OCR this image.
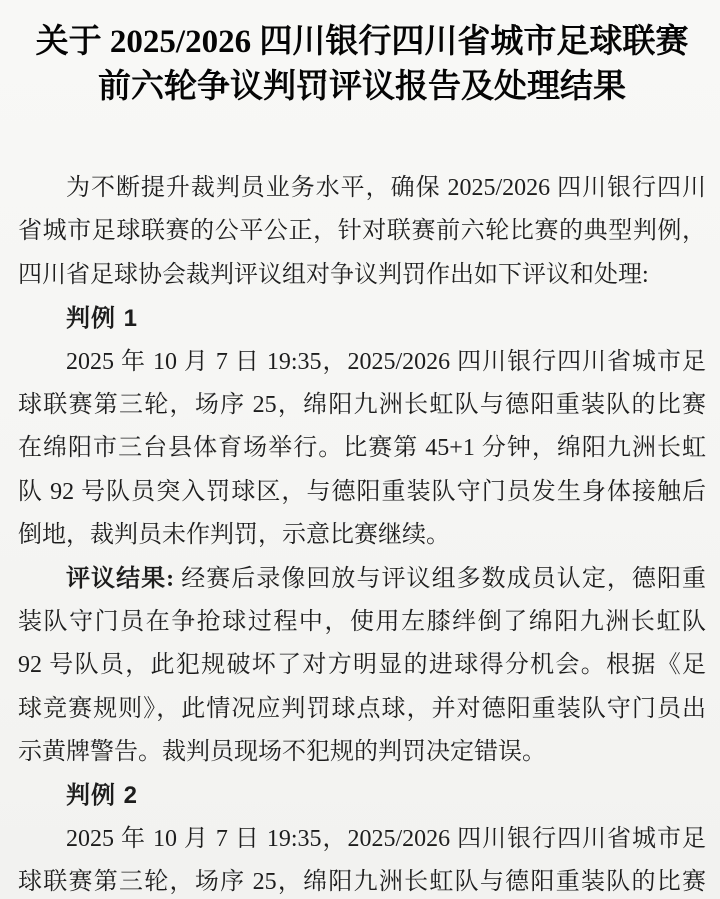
关于 2025/2026 四川银行四川省城市足球联赛
前六轮争议判罚评议报告及处理结果
为不断提升裁判员业务水平，确保 2025/2026 四川银行四川
省城市足球联赛的公平公正，针对联赛前六轮比赛的典型判例，
四川省足球协会裁判评议组对争议判罚作出如下评议和处理:
判例 1
2025 年 10 月 7 日 19:35，2025/2026 四川银行四川省城市足
球联赛第三轮，场序 25，绵阳九洲长虹队与德阳重装队的比赛
在绵阳市三台县体育场举行。比赛第 45+1 分钟，绵阳九洲长虹
队 92 号队员突入罚球区，与德阳重装队守门员发生身体接触后
倒地，裁判员未作判罚，示意比赛继续。
评议结果: 经赛后录像回放与评议组多数成员认定，德阳重
装队守门员在争抢球过程中，使用左膝绊倒了绵阳九洲长虹队
92 号队员，此犯规破坏了对方明显的进球得分机会。根据《足
球竞赛规则》，此情况应判罚球点球，并对德阳重装队守门员出
示黄牌警告。裁判员现场不犯规的判罚决定错误。
判例 2
2025 年 10 月 7 日 19:35，2025/2026 四川银行四川省城市足
球联赛第三轮，场序 25，绵阳九洲长虹队与德阳重装队的比赛
